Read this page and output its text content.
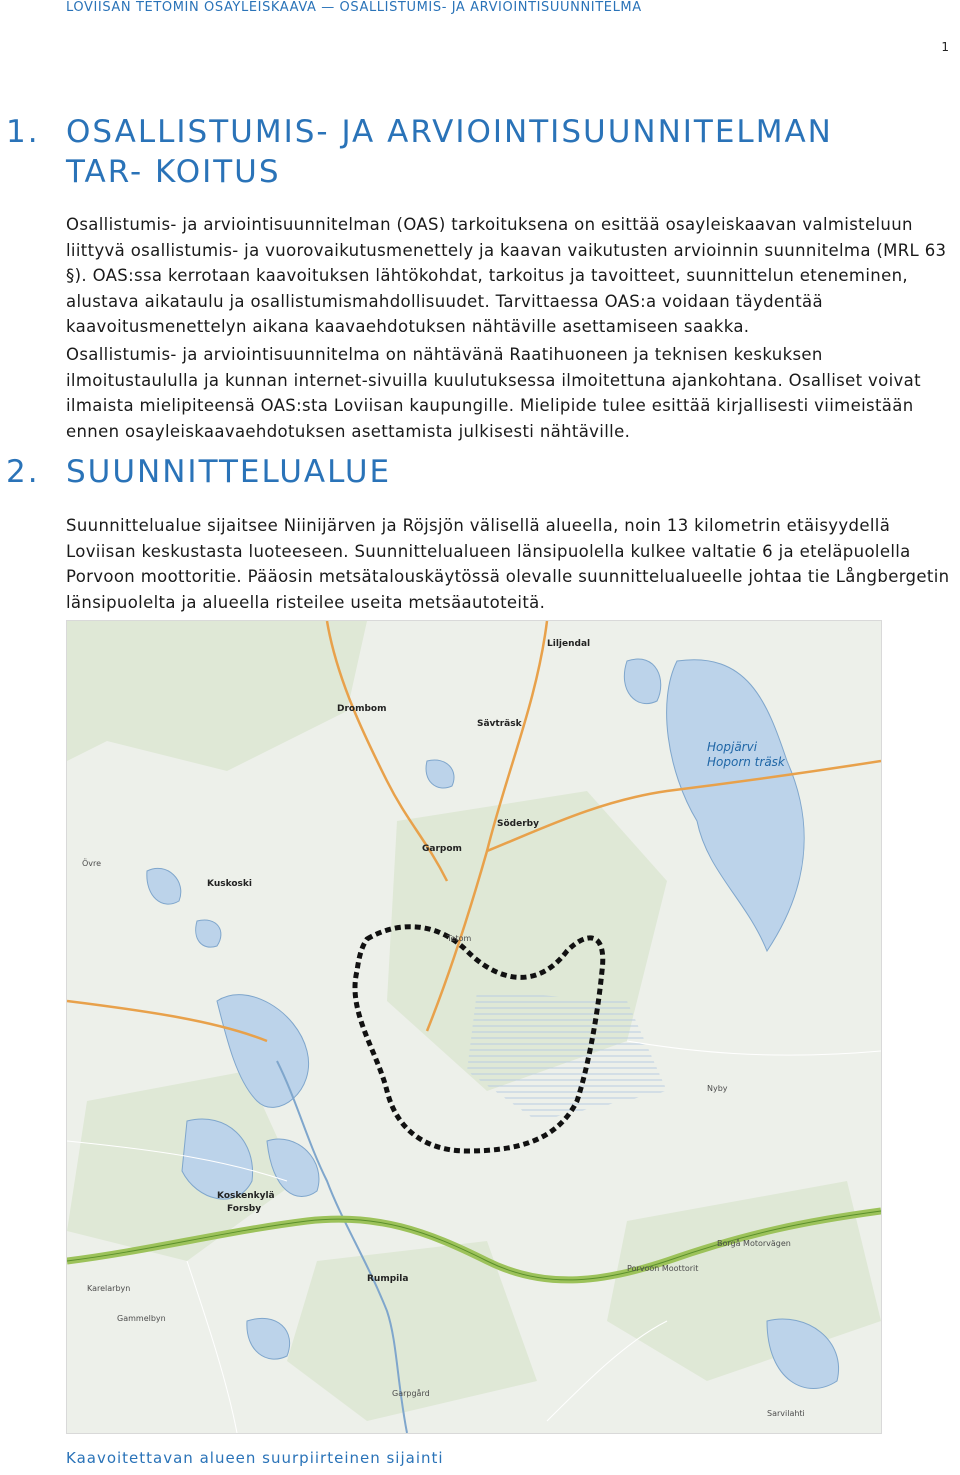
LOVIISAN TETOMIN OSAYLEISKAAVA — OSALLISTUMIS- JA ARVIOINTISUUNNITELMA
1
1. OSALLISTUMIS- JA ARVIOINTISUUNNITELMAN TAR- KOITUS

Osallistumis- ja arviointisuunnitelman (OAS) tarkoituksena on esittää osayleiskaavan valmisteluun liittyvä osallistumis- ja vuorovaikutusmenettely ja kaavan vaikutusten arvioinnin suunnitelma (MRL 63 §). OAS:ssa kerrotaan kaavoituksen lähtökohdat, tarkoitus ja tavoitteet, suunnittelun eteneminen, alustava aikataulu ja osallistumismahdollisuudet. Tarvittaessa OAS:a voidaan täydentää kaavoitusmenettelyn aikana kaavaehdotuksen nähtäville asettamiseen saakka.

Osallistumis- ja arviointisuunnitelma on nähtävänä Raatihuoneen ja teknisen keskuksen ilmoitustaululla ja kunnan internet-sivuilla kuulutuksessa ilmoitettuna ajankohtana. Osalliset voivat ilmaista mielipiteensä OAS:sta Loviisan kaupungille. Mielipide tulee esittää kirjallisesti viimeistään ennen osayleiskaavaehdotuksen asettamista julkisesti nähtäville.

2. SUUNNITTELUALUE

Suunnittelualue sijaitsee Niinijärven ja Röjsjön välisellä alueella, noin 13 kilometrin etäisyydellä Loviisan keskustasta luoteeseen. Suunnittelualueen länsipuolella kulkee valtatie 6 ja eteläpuolella Porvoon moottoritie. Pääosin metsätalouskäytössä olevalle suunnittelualueelle johtaa tie Långbergetin länsipuolelta ja alueella risteilee useita metsäautoteitä.

Hopjärvi
Hoporn träsk
Drombom
Rumpila
Koskenkylä
Forsby
Söderby
Garpom
Sävträsk
Liljendal
Karelarbyn
Kuskoski
Övre
Gammelbyn
Garpgård
Sarvilahti
Porvoon Moottorit
Borgå Motorvägen
Nyby
Tetom
Kaavoitettavan alueen suurpiirteinen sijainti
